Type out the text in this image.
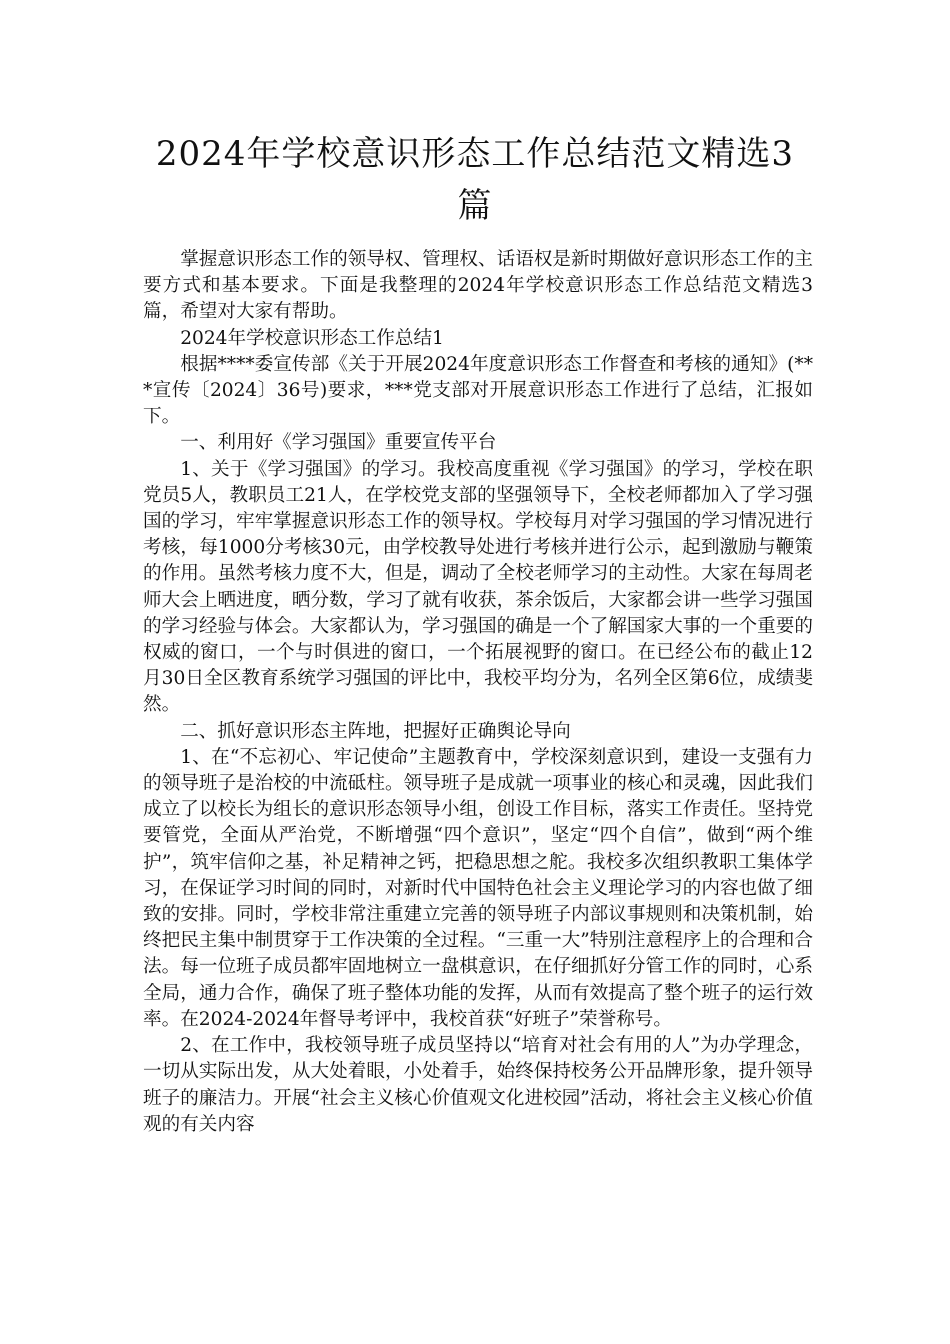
2024年学校意识形态工作总结范文精选3
篇

掌握意识形态工作的领导权、管理权、话语权是新时期做好意识形态工作的主要方式和基本要求。下面是我整理的2024年学校意识形态工作总结范文精选3篇，希望对大家有帮助。

2024年学校意识形态工作总结1

根据****委宣传部《关于开展2024年度意识形态工作督查和考核的通知》(***宣传〔2024〕36号)要求，***党支部对开展意识形态工作进行了总结，汇报如下。

一、利用好《学习强国》重要宣传平台

1、关于《学习强国》的学习。我校高度重视《学习强国》的学习，学校在职党员5人，教职员工21人，在学校党支部的坚强领导下，全校老师都加入了学习强国的学习，牢牢掌握意识形态工作的领导权。学校每月对学习强国的学习情况进行考核，每1000分考核30元，由学校教导处进行考核并进行公示，起到激励与鞭策的作用。虽然考核力度不大，但是，调动了全校老师学习的主动性。大家在每周老师大会上晒进度，晒分数，学习了就有收获，茶余饭后，大家都会讲一些学习强国的学习经验与体会。大家都认为，学习强国的确是一个了解国家大事的一个重要的权威的窗口，一个与时俱进的窗口，一个拓展视野的窗口。在已经公布的截止12月30日全区教育系统学习强国的评比中，我校平均分为，名列全区第6位，成绩斐然。

二、抓好意识形态主阵地，把握好正确舆论导向

1、在“不忘初心、牢记使命”主题教育中，学校深刻意识到，建设一支强有力的领导班子是治校的中流砥柱。领导班子是成就一项事业的核心和灵魂，因此我们成立了以校长为组长的意识形态领导小组，创设工作目标，落实工作责任。坚持党要管党，全面从严治党，不断增强“四个意识”，坚定“四个自信”，做到“两个维护”，筑牢信仰之基，补足精神之钙，把稳思想之舵。我校多次组织教职工集体学习，在保证学习时间的同时，对新时代中国特色社会主义理论学习的内容也做了细致的安排。同时，学校非常注重建立完善的领导班子内部议事规则和决策机制，始终把民主集中制贯穿于工作决策的全过程。“三重一大”特别注意程序上的合理和合法。每一位班子成员都牢固地树立一盘棋意识，在仔细抓好分管工作的同时，心系全局，通力合作，确保了班子整体功能的发挥，从而有效提高了整个班子的运行效率。在2024-2024年督导考评中，我校首获“好班子”荣誉称号。

2、在工作中，我校领导班子成员坚持以“培育对社会有用的人”为办学理念，一切从实际出发，从大处着眼，小处着手，始终保持校务公开品牌形象，提升领导班子的廉洁力。开展“社会主义核心价值观文化进校园”活动，将社会主义核心价值观的有关内容
